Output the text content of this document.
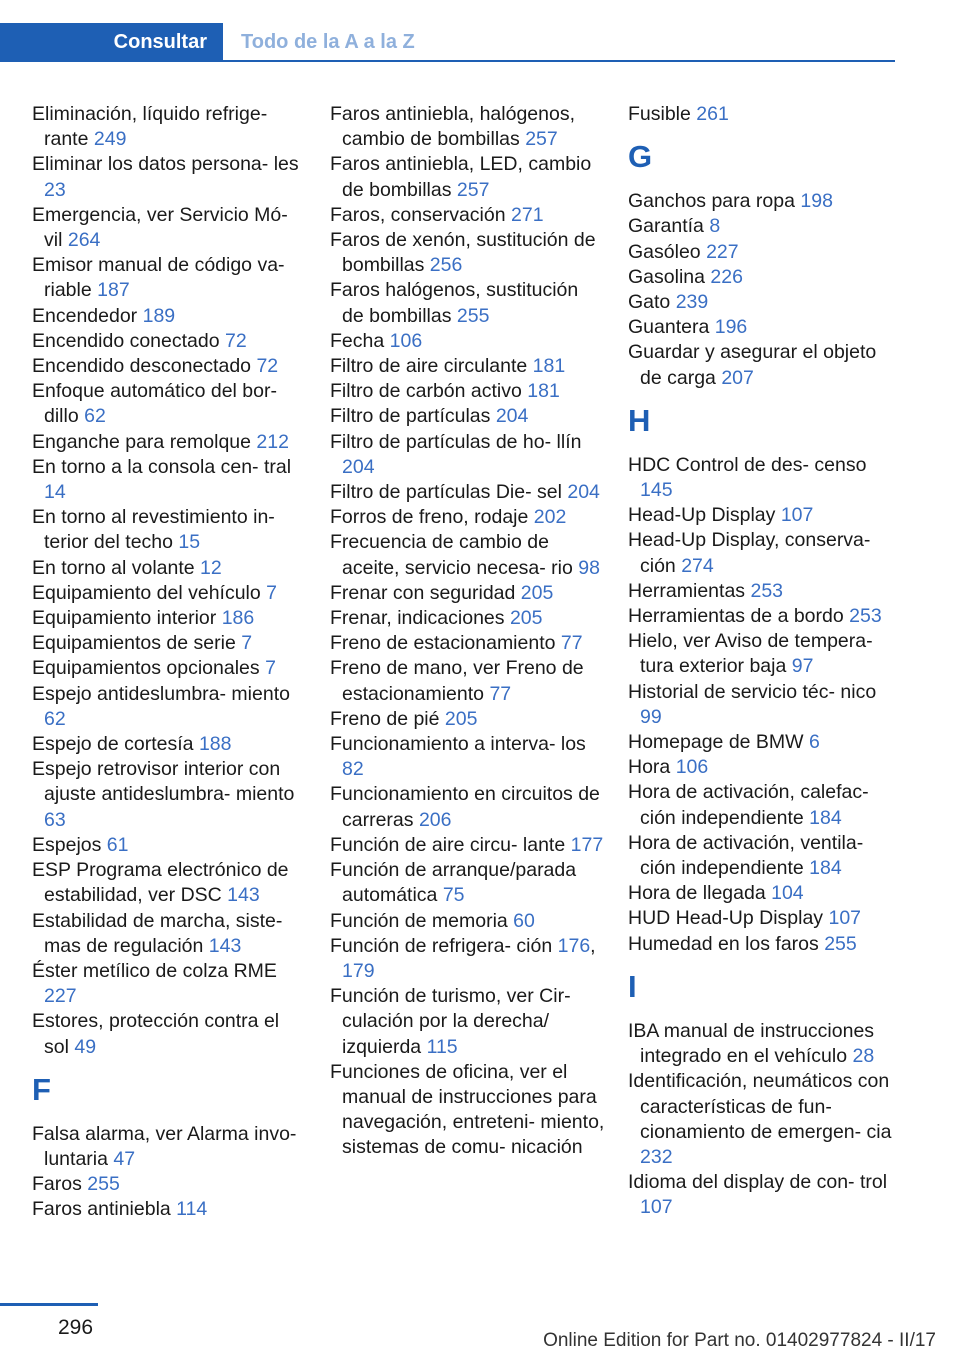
Consultar Todo de la A a la Z
Eliminación, líquido refrige‐ rante 249
Eliminar los datos persona‐ les 23
Emergencia, ver Servicio Mó‐ vil 264
Emisor manual de código va‐ riable 187
Encendedor 189
Encendido conectado 72
Encendido desconectado 72
Enfoque automático del bor‐ dillo 62
Enganche para remolque 212
En torno a la consola cen‐ tral 14
En torno al revestimiento in‐ terior del techo 15
En torno al volante 12
Equipamiento del vehículo 7
Equipamiento interior 186
Equipamientos de serie 7
Equipamientos opcionales 7
Espejo antideslumbra‐ miento 62
Espejo de cortesía 188
Espejo retrovisor interior con ajuste antideslumbra‐ miento 63
Espejos 61
ESP Programa electrónico de estabilidad, ver DSC 143
Estabilidad de marcha, siste‐ mas de regulación 143
Éster metílico de colza RME 227
Estores, protección contra el sol 49
F
Falsa alarma, ver Alarma invo‐ luntaria 47
Faros 255
Faros antiniebla 114
Faros antiniebla, halógenos, cambio de bombillas 257
Faros antiniebla, LED, cambio de bombillas 257
Faros, conservación 271
Faros de xenón, sustitución de bombillas 256
Faros halógenos, sustitución de bombillas 255
Fecha 106
Filtro de aire circulante 181
Filtro de carbón activo 181
Filtro de partículas 204
Filtro de partículas de ho‐ llín 204
Filtro de partículas Die‐ sel 204
Forros de freno, rodaje 202
Frecuencia de cambio de aceite, servicio necesa‐ rio 98
Frenar con seguridad 205
Frenar, indicaciones 205
Freno de estacionamiento 77
Freno de mano, ver Freno de estacionamiento 77
Freno de pié 205
Funcionamiento a interva‐ los 82
Funcionamiento en circuitos de carreras 206
Función de aire circu‐ lante 177
Función de arranque/parada automática 75
Función de memoria 60
Función de refrigera‐ ción 176, 179
Función de turismo, ver Cir‐ culación por la derecha/ izquierda 115
Funciones de oficina, ver el manual de instrucciones para navegación, entreteni‐ miento, sistemas de comu‐ nicación
Fusible 261
G
Ganchos para ropa 198
Garantía 8
Gasóleo 227
Gasolina 226
Gato 239
Guantera 196
Guardar y asegurar el objeto de carga 207
H
HDC Control de des‐ censo 145
Head-Up Display 107
Head-Up Display, conserva‐ ción 274
Herramientas 253
Herramientas de a bordo 253
Hielo, ver Aviso de tempera‐ tura exterior baja 97
Historial de servicio téc‐ nico 99
Homepage de BMW 6
Hora 106
Hora de activación, calefac‐ ción independiente 184
Hora de activación, ventila‐ ción independiente 184
Hora de llegada 104
HUD Head-Up Display 107
Humedad en los faros 255
I
IBA manual de instrucciones integrado en el vehículo 28
Identificación, neumáticos con características de fun‐ cionamiento de emergen‐ cia 232
Idioma del display de con‐ trol 107
296
Online Edition for Part no. 01402977824 - II/17
